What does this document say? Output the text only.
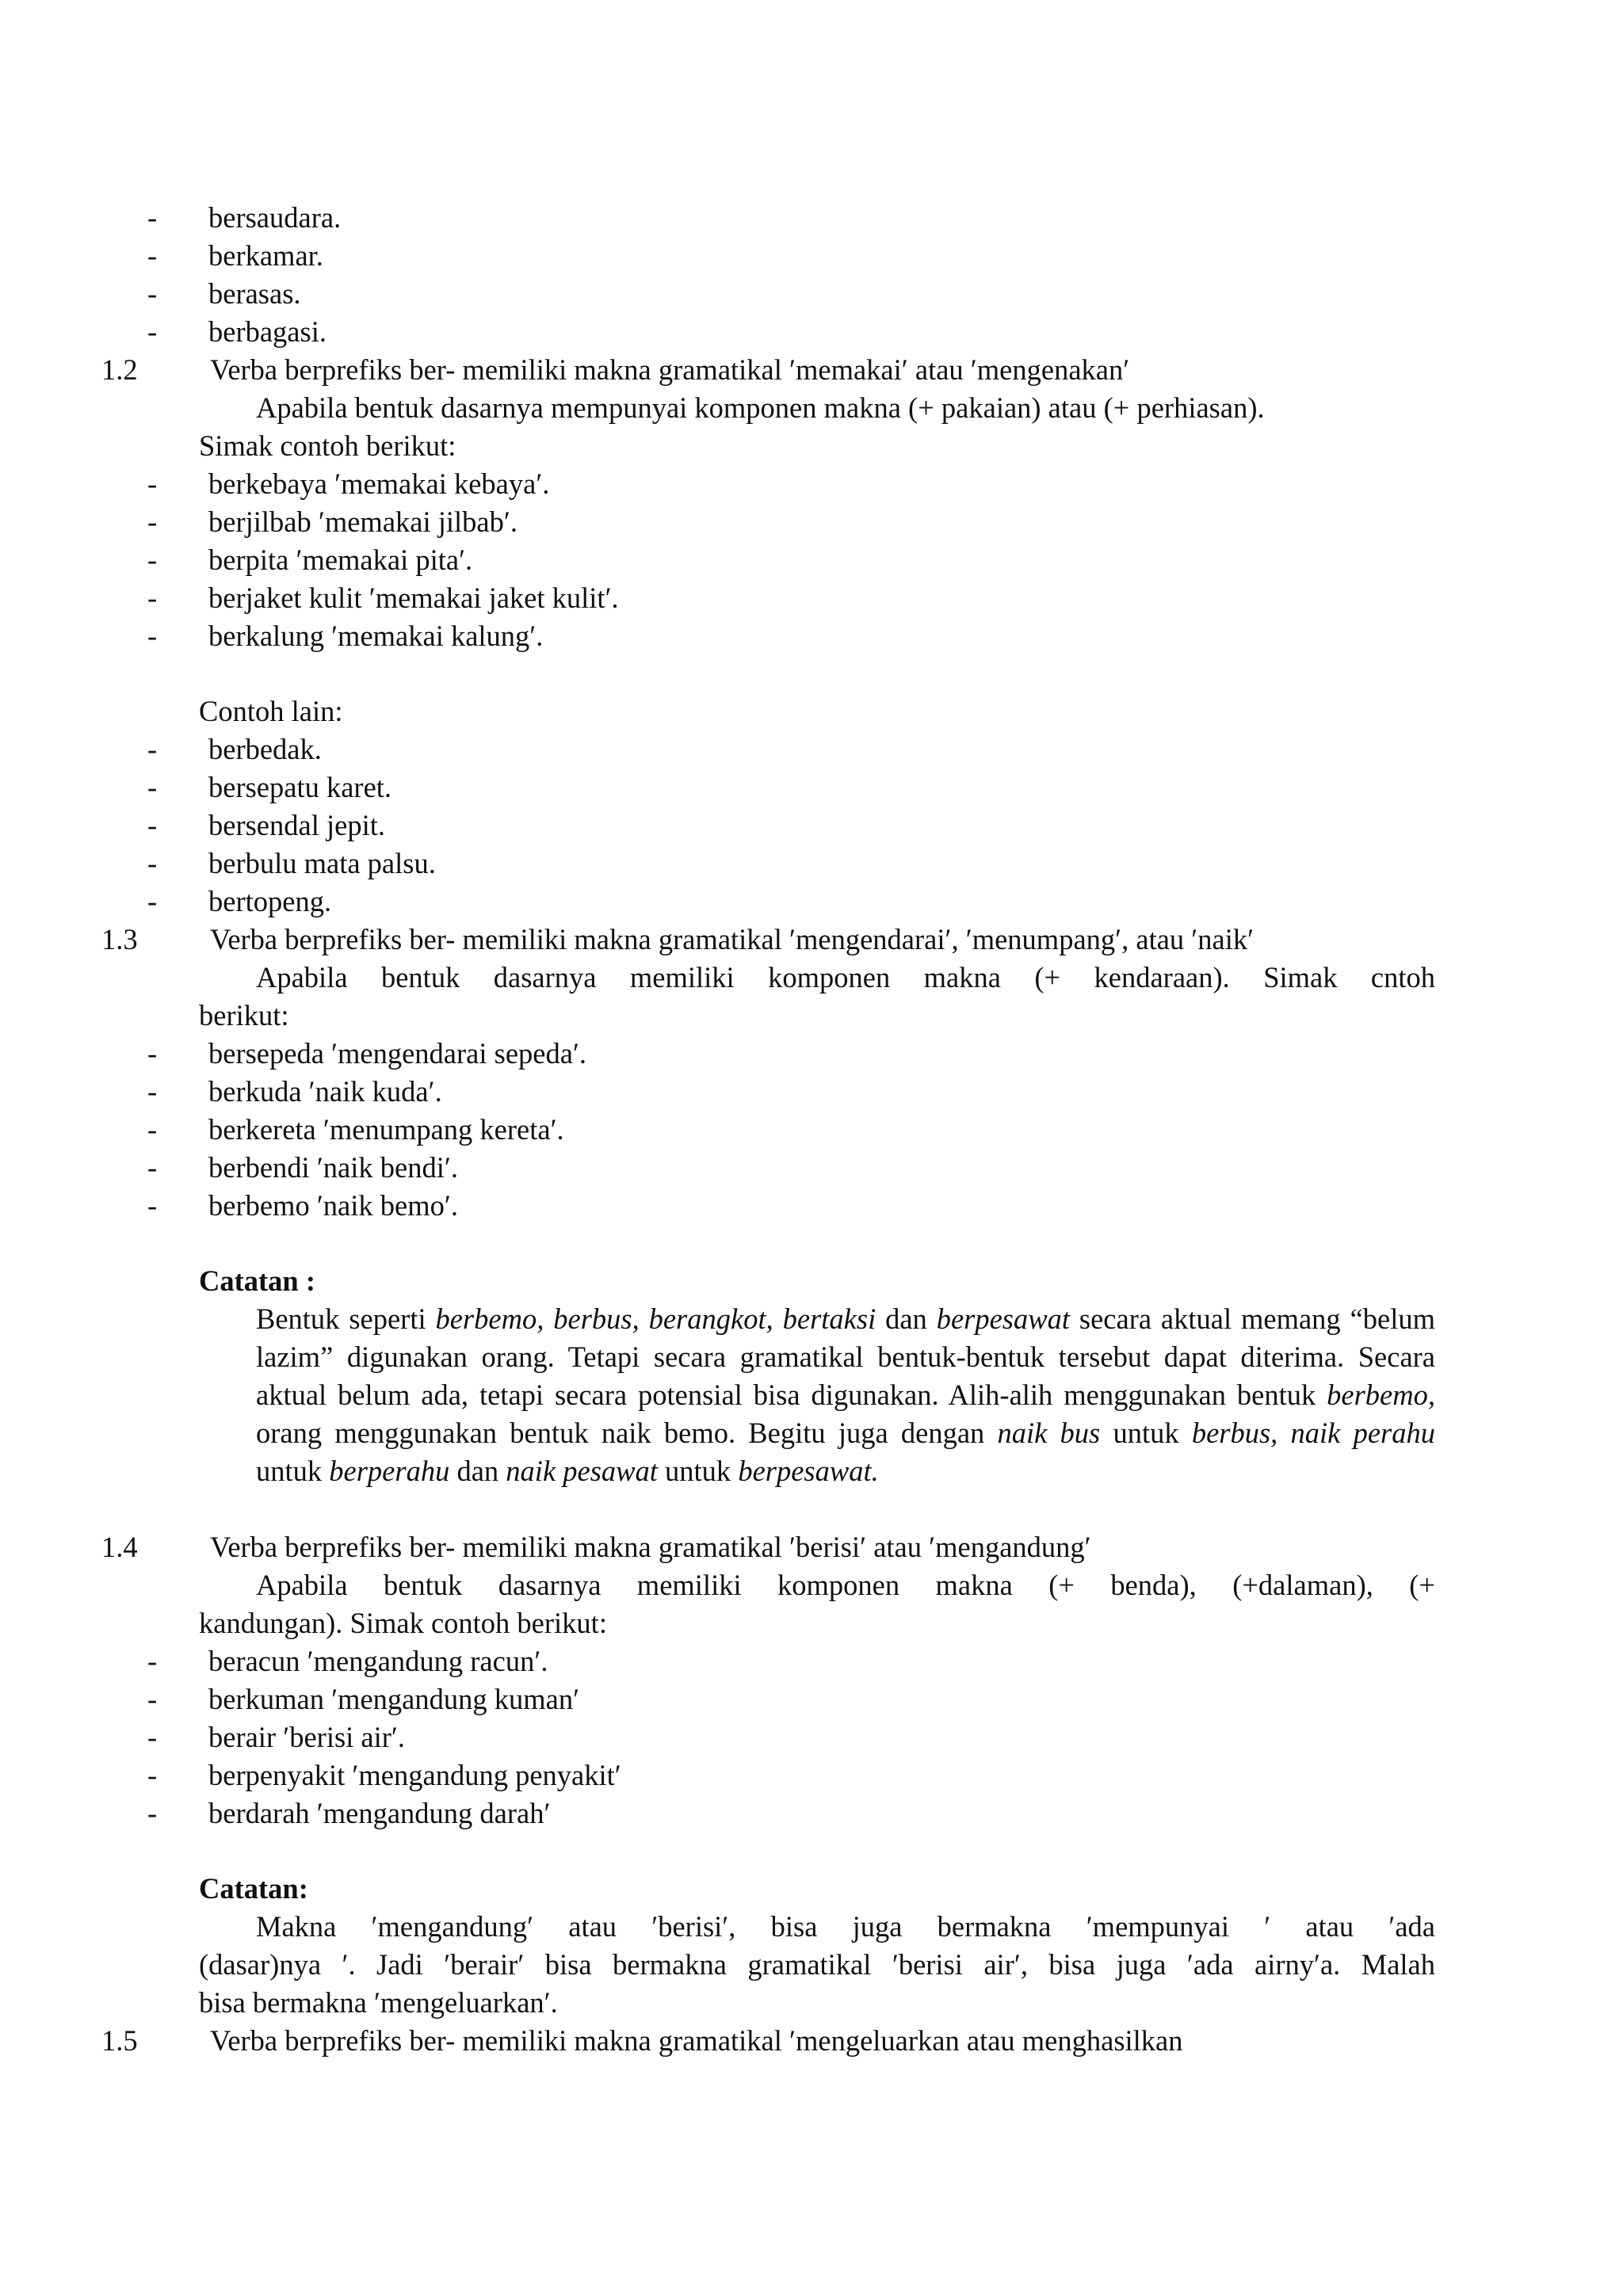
- bersaudara.
- berkamar.
- berasas.
- berbagasi.
1.2	Verba berprefiks ber- memiliki makna gramatikal ′memakai′ atau ′mengenakan′
Apabila bentuk dasarnya mempunyai komponen makna (+ pakaian) atau (+ perhiasan).
Simak contoh berikut:
- berkebaya ′memakai kebaya′.
- berjilbab ′memakai jilbab′.
- berpita ′memakai pita′.
- berjaket kulit ′memakai jaket kulit′.
- berkalung ′memakai kalung′.
Contoh lain:
- berbedak.
- bersepatu karet.
- bersendal jepit.
- berbulu mata palsu.
- bertopeng.
1.3	Verba berprefiks ber- memiliki makna gramatikal ′mengendarai′, ′menumpang′, atau ′naik′
Apabila bentuk dasarnya memiliki komponen makna (+ kendaraan). Simak cntoh
berikut:
- bersepeda ′mengendarai sepeda′.
- berkuda ′naik kuda′.
- berkereta ′menumpang kereta′.
- berbendi ′naik bendi′.
- berbemo ′naik bemo′.
Catatan :
Bentuk seperti berbemo, berbus, berangkot, bertaksi dan berpesawat secara aktual memang “belum lazim” digunakan orang. Tetapi secara gramatikal bentuk-bentuk tersebut dapat diterima. Secara aktual belum ada, tetapi secara potensial bisa digunakan. Alih-alih menggunakan bentuk berbemo, orang menggunakan bentuk naik bemo. Begitu juga dengan naik bus untuk berbus, naik perahu untuk berperahu dan naik pesawat untuk berpesawat.
1.4	Verba berprefiks ber- memiliki makna gramatikal ′berisi′ atau ′mengandung′
Apabila bentuk dasarnya memiliki komponen makna (+ benda), (+dalaman), (+
kandungan). Simak contoh berikut:
- beracun ′mengandung racun′.
- berkuman ′mengandung kuman′
- berair ′berisi air′.
- berpenyakit ′mengandung penyakit′
- berdarah ′mengandung darah′
Catatan:
Makna ′mengandung′ atau ′berisi′, bisa juga bermakna ′mempunyai ′ atau ′ada
(dasar)nya ′. Jadi ′berair′ bisa bermakna gramatikal ′berisi air′, bisa juga ′ada airny′a. Malah
bisa bermakna ′mengeluarkan′.
1.5	Verba berprefiks ber- memiliki makna gramatikal ′mengeluarkan atau menghasilkan
